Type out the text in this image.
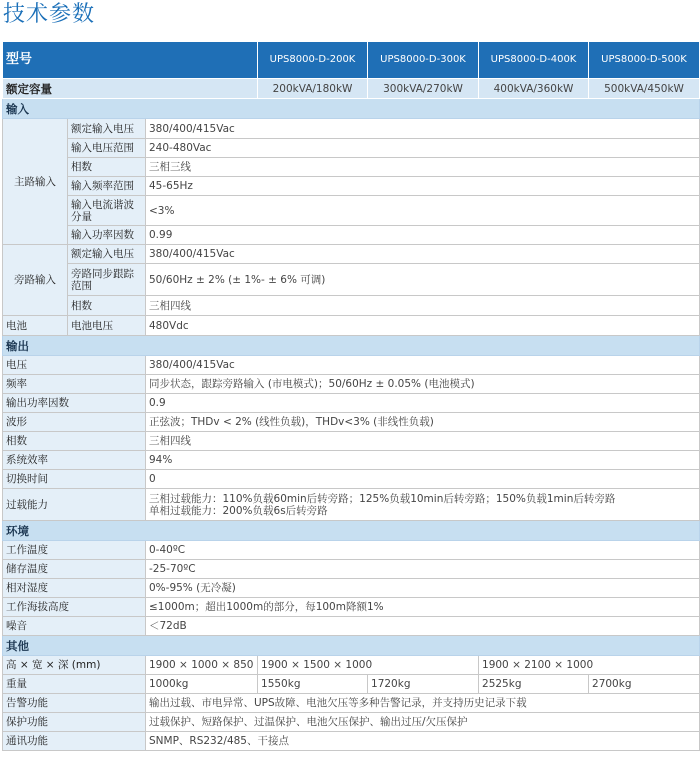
技术参数
型号			UPS8000-D-200K	UPS8000-D-300K	UPS8000-D-400K	UPS8000-D-500K	
额定容量			200kVA/180kW	300kVA/270kW	400kVA/360kW	500kVA/450kW	
输入							
主路输入	额定输入电压	380/400/415Vac					
	输入电压范围	240-480Vac					
	相数	三相三线					
	输入频率范围	45-65Hz					
	输入电流谐波分量	<3%					
	输入功率因数	0.99					
旁路输入	额定输入电压	380/400/415Vac					
	旁路同步跟踪范围	50/60Hz ± 2% (± 1%- ± 6% 可调)					
	相数	三相四线					
电池	电池电压	480Vdc					
输出							
电压		380/400/415Vac					
频率		同步状态，跟踪旁路输入 (市电模式)；50/60Hz ± 0.05% (电池模式)					
输出功率因数		0.9					
波形		正弦波；THDv < 2% (线性负载)，THDv<3% (非线性负载)					
相数		三相四线					
系统效率		94%					
切换时间		0					
过载能力		三相过载能力：110%负载60min后转旁路；125%负载10min后转旁路；150%负载1min后转旁路
单相过载能力：200%负载6s后转旁路					

环境							
工作温度		0-40ºC					
储存温度		-25-70ºC					
相对湿度		0%-95% (无冷凝)					
工作海拔高度		≤1000m；超出1000m的部分，每100m降额1%					
噪音		＜72dB					
其他							
高 × 宽 × 深 (mm)		1900 × 1000 × 850	1900 × 1500 × 1000		1900 × 2100 × 1000		
重量		1000kg	1550kg	1720kg	2525kg	2700kg	
告警功能		输出过载、市电异常、UPS故障、电池欠压等多种告警记录，并支持历史记录下载					
保护功能		过载保护、短路保护、过温保护、电池欠压保护、输出过压/欠压保护					
通讯功能		SNMP、RS232/485、干接点					
